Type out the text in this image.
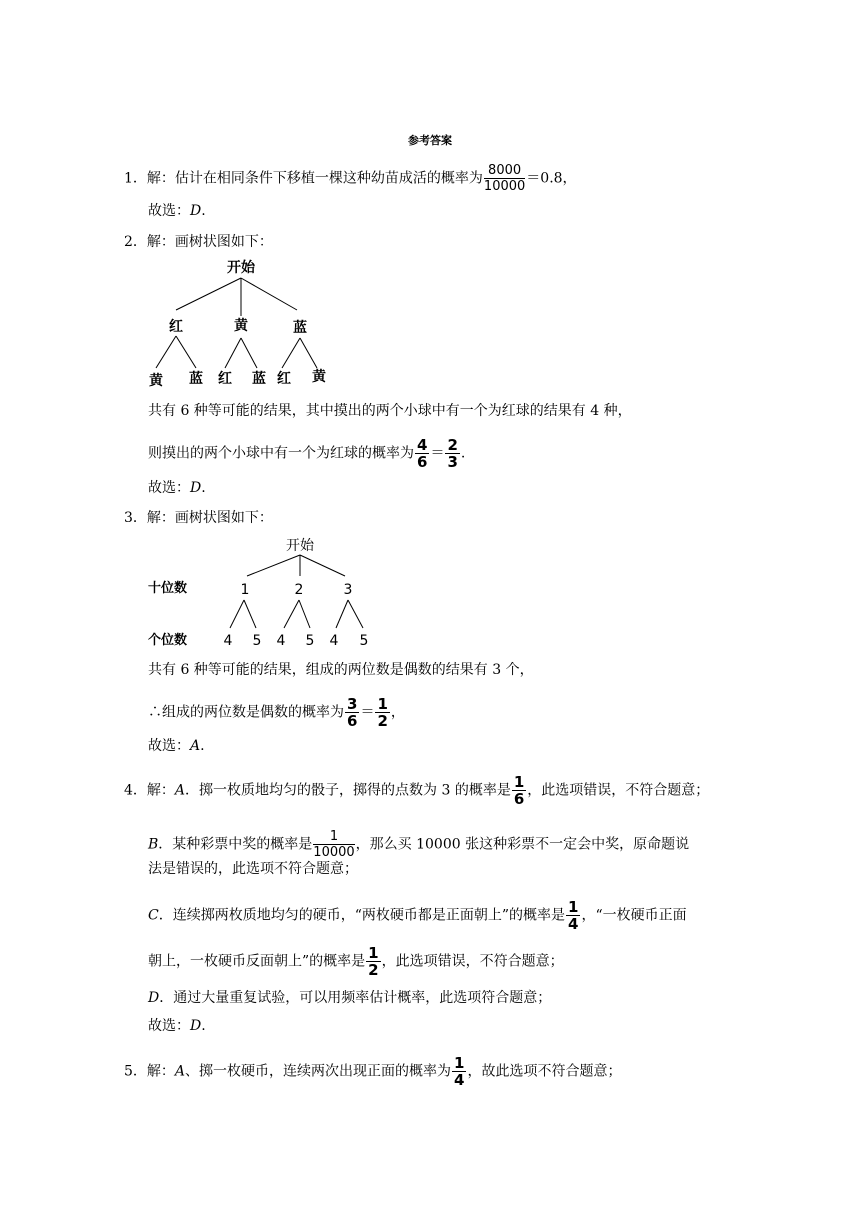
参考答案
1．解：估计在相同条件下移植一棵这种幼苗成活的概率为 $\frac{8000}{10000} =0.8$，
故选：D.
2．解：画树状图如下：
开始
红	黄	蓝
黄 蓝 红 蓝 红 黄
共有 6 种等可能的结果，其中摸出的两个小球中有一个为红球的结果有 4 种，
则摸出的两个小球中有一个为红球的概率为 $\frac{4}{6} = \frac{2}{3}$ .
故选：D.
3．解：画树状图如下：
开始
十位数
个位数
1	2	3
4 5 4 5 4 5
共有 6 种等可能的结果，组成的两位数是偶数的结果有 3 个，
∴组成的两位数是偶数的概率为 $\frac{3}{6} = \frac{1}{2}$ ，
故选：A.
4．解：A．掷一枚质地均匀的骰子，掷得的点数为 3 的概率是 $\frac{1}{6}$ ，此选项错误，不符合题意；
B．某种彩票中奖的概率是 $\frac{1}{10000}$ ，那么买 10000 张这种彩票不一定会中奖，原命题说
法是错误的，此选项不符合题意；
C．连续掷两枚质地均匀的硬币，“两枚硬币都是正面朝上”的概率是 $\frac{1}{4}$ ，“一枚硬币正面
朝上，一枚硬币反面朝上”的概率是 $\frac{1}{2}$ ，此选项错误，不符合题意；
D．通过大量重复试验，可以用频率估计概率，此选项符合题意；
故选：D.
5．解：A、掷一枚硬币，连续两次出现正面的概率为 $\frac{1}{4}$ ，故此选项不符合题意；
